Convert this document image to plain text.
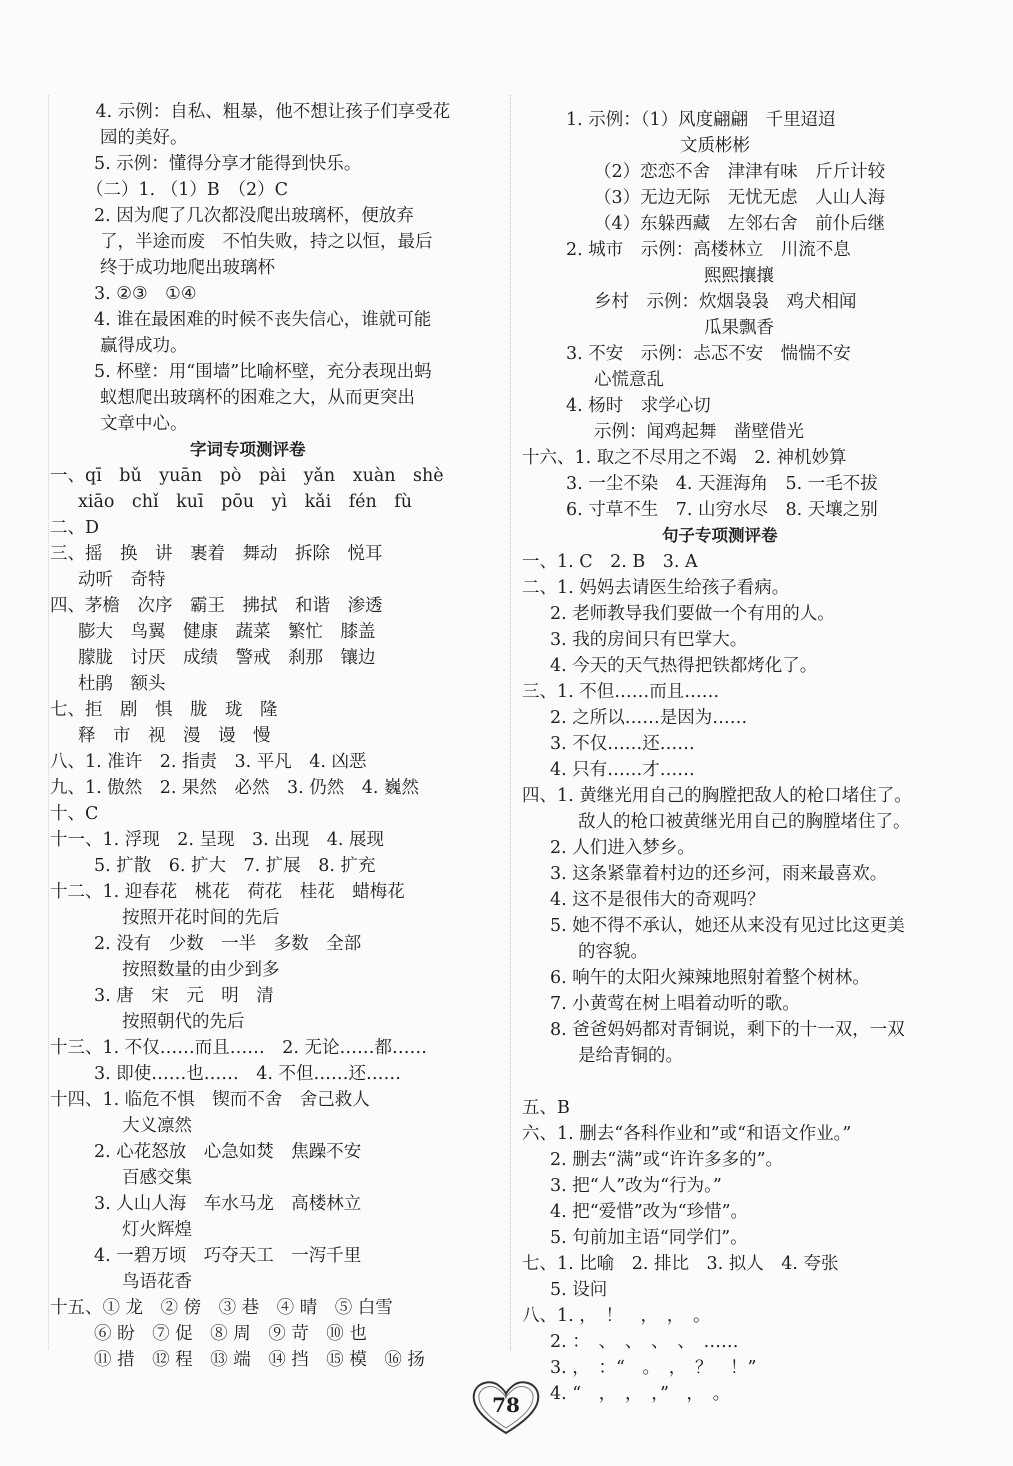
　4. 示例：自私、粗暴，他不想让孩子们享受花
园的美好。
5. 示例：懂得分享才能得到快乐。
（二）1. （1）B　（2）C
2. 因为爬了几次都没爬出玻璃杯，便放弃
了，半途而废　不怕失败，持之以恒，最后
终于成功地爬出玻璃杯
3. ②③　①④
4. 谁在最困难的时候不丧失信心，谁就可能
赢得成功。
5. 杯壁：用“围墙”比喻杯壁，充分表现出蚂
蚁想爬出玻璃杯的困难之大，从而更突出
文章中心。
字词专项测评卷
一、qī　bǔ　yuān　pò　pài　yǎn　xuàn　shè
xiāo　chǐ　kuī　pōu　yì　kǎi　fén　fù
二、D
三、摇　换　讲　裹着　舞动　拆除　悦耳
动听　奇特
四、茅檐　次序　霸王　拂拭　和谐　渗透
膨大　鸟翼　健康　蔬菜　繁忙　膝盖
朦胧　讨厌　成绩　警戒　刹那　镶边
杜鹃　额头
七、拒　剧　惧　胧　珑　隆
释　市　视　漫　谩　慢
八、1. 准许　2. 指责　3. 平凡　4. 凶恶
九、1. 傲然　2. 果然　必然　3. 仍然　4. 巍然
十、C
十一、1. 浮现　2. 呈现　3. 出现　4. 展现
5. 扩散　6. 扩大　7. 扩展　8. 扩充
十二、1. 迎春花　桃花　荷花　桂花　蜡梅花
按照开花时间的先后
2. 没有　少数　一半　多数　全部
按照数量的由少到多
3. 唐　宋　元　明　清
按照朝代的先后
十三、1. 不仅……而且……　2. 无论……都……
3. 即使……也……　4. 不但……还……
十四、1. 临危不惧　锲而不舍　舍己救人
大义凛然
2. 心花怒放　心急如焚　焦躁不安
百感交集
3. 人山人海　车水马龙　高楼林立
灯火辉煌
4. 一碧万顷　巧夺天工　一泻千里
鸟语花香
十五、① 龙　② 傍　③ 巷　④ 晴　⑤ 白雪
⑥ 盼　⑦ 促　⑧ 周　⑨ 苛　⑩ 也
⑪ 措　⑫ 程　⑬ 端　⑭ 挡　⑮ 模　⑯ 扬
1. 示例：（1）风度翩翩　千里迢迢
文质彬彬
（2）恋恋不舍　津津有味　斤斤计较
（3）无边无际　无忧无虑　人山人海
（4）东躲西藏　左邻右舍　前仆后继
2. 城市　示例：高楼林立　川流不息
熙熙攘攘
乡村　示例：炊烟袅袅　鸡犬相闻
瓜果飘香
3. 不安　示例：忐忑不安　惴惴不安
心慌意乱
4. 杨时　求学心切
示例：闻鸡起舞　凿壁借光
十六、1. 取之不尽用之不竭　2. 神机妙算
3. 一尘不染　4. 天涯海角　5. 一毛不拔
6. 寸草不生　7. 山穷水尽　8. 天壤之别
句子专项测评卷
一、1. C　2. B　3. A
二、1. 妈妈去请医生给孩子看病。
2. 老师教导我们要做一个有用的人。
3. 我的房间只有巴掌大。
4. 今天的天气热得把铁都烤化了。
三、1. 不但……而且……
2. 之所以……是因为……
3. 不仅……还……
4. 只有……才……
四、1. 黄继光用自己的胸膛把敌人的枪口堵住了。
敌人的枪口被黄继光用自己的胸膛堵住了。
2. 人们进入梦乡。
3. 这条紧靠着村边的还乡河，雨来最喜欢。
4. 这不是很伟大的奇观吗？
5. 她不得不承认，她还从来没有见过比这更美
的容貌。
6. 响午的太阳火辣辣地照射着整个树林。
7. 小黄莺在树上唱着动听的歌。
8. 爸爸妈妈都对青铜说，剩下的十一双，一双
是给青铜的。
五、B
六、1. 删去“各科作业和”或“和语文作业。”
2. 删去“满”或“许许多多的”。
3. 把“人”改为“行为。”
4. 把“爱惜”改为“珍惜”。
5. 句前加主语“同学们”。
七、1. 比喻　2. 排比　3. 拟人　4. 夸张
5. 设问
八、1. ，　！　，　，　。
2. ：　、　、　、　、　……
3. ，　：“　。　，　？　！”
4. “　，　，　，”　，　。
78
